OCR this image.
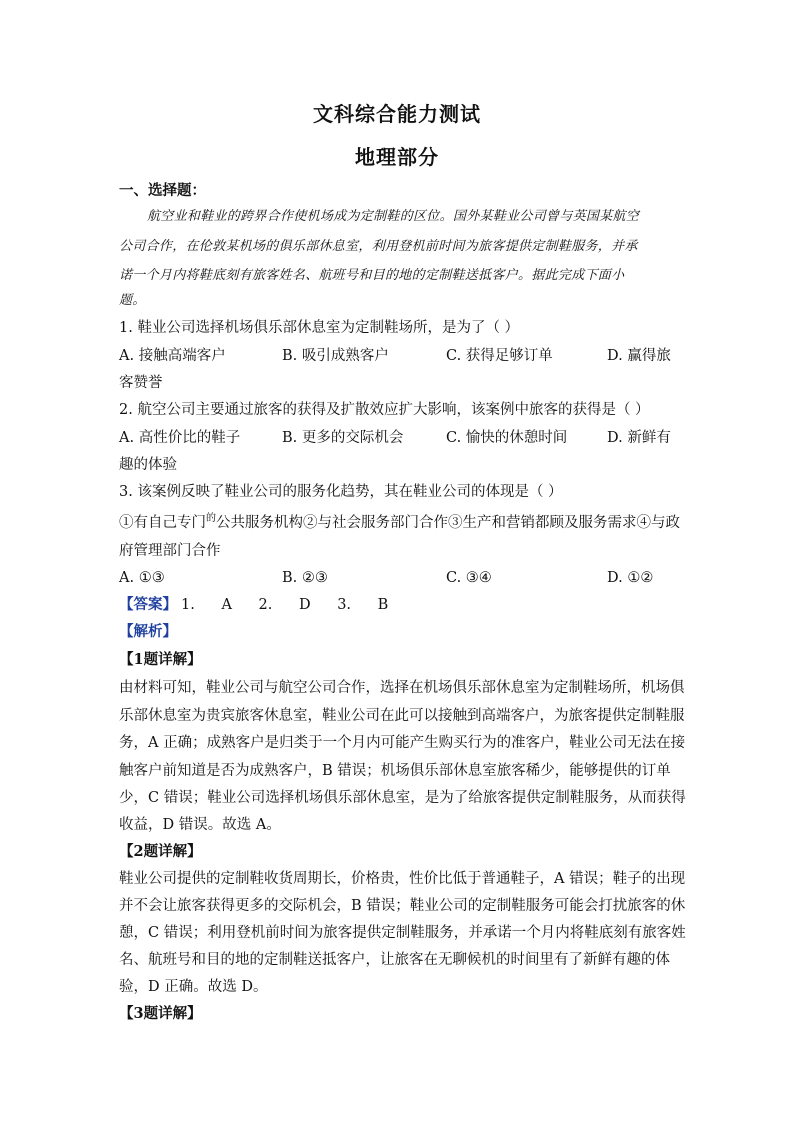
文科综合能力测试
地理部分
一、选择题：
航空业和鞋业的跨界合作使机场成为定制鞋的区位。国外某鞋业公司曾与英国某航空
公司合作，在伦敦某机场的俱乐部休息室，利用登机前时间为旅客提供定制鞋服务，并承
诺一个月内将鞋底刻有旅客姓名、航班号和目的地的定制鞋送抵客户。据此完成下面小
题。
1. 鞋业公司选择机场俱乐部休息室为定制鞋场所，是为了（ ）
A. 接触高端客户	B. 吸引成熟客户	C. 获得足够订单	D. 赢得旅
客赞誉
2. 航空公司主要通过旅客的获得及扩散效应扩大影响，该案例中旅客的获得是（ ）
A. 高性价比的鞋子	B. 更多的交际机会	C. 愉快的休憩时间	D. 新鲜有
趣的体验
3. 该案例反映了鞋业公司的服务化趋势，其在鞋业公司的体现是（ ）
①有自己专门$^的$公共服务机构②与社会服务部门合作③生产和营销都顾及服务需求④与政
府管理部门合作
A. ①③	B. ②③	C. ③④	D. ①②
【答案】 1. A 2. D 3. B
【解析】
【1题详解】
由材料可知，鞋业公司与航空公司合作，选择在机场俱乐部休息室为定制鞋场所，机场俱
乐部休息室为贵宾旅客休息室，鞋业公司在此可以接触到高端客户，为旅客提供定制鞋服
务，A 正确；成熟客户是归类于一个月内可能产生购买行为的准客户，鞋业公司无法在接
触客户前知道是否为成熟客户，B 错误；机场俱乐部休息室旅客稀少，能够提供的订单
少，C 错误；鞋业公司选择机场俱乐部休息室，是为了给旅客提供定制鞋服务，从而获得
收益，D 错误。故选 A。
【2题详解】
鞋业公司提供的定制鞋收货周期长，价格贵，性价比低于普通鞋子，A 错误；鞋子的出现
并不会让旅客获得更多的交际机会，B 错误；鞋业公司的定制鞋服务可能会打扰旅客的休
憩，C 错误；利用登机前时间为旅客提供定制鞋服务，并承诺一个月内将鞋底刻有旅客姓
名、航班号和目的地的定制鞋送抵客户，让旅客在无聊候机的时间里有了新鲜有趣的体
验，D 正确。故选 D。
【3题详解】
